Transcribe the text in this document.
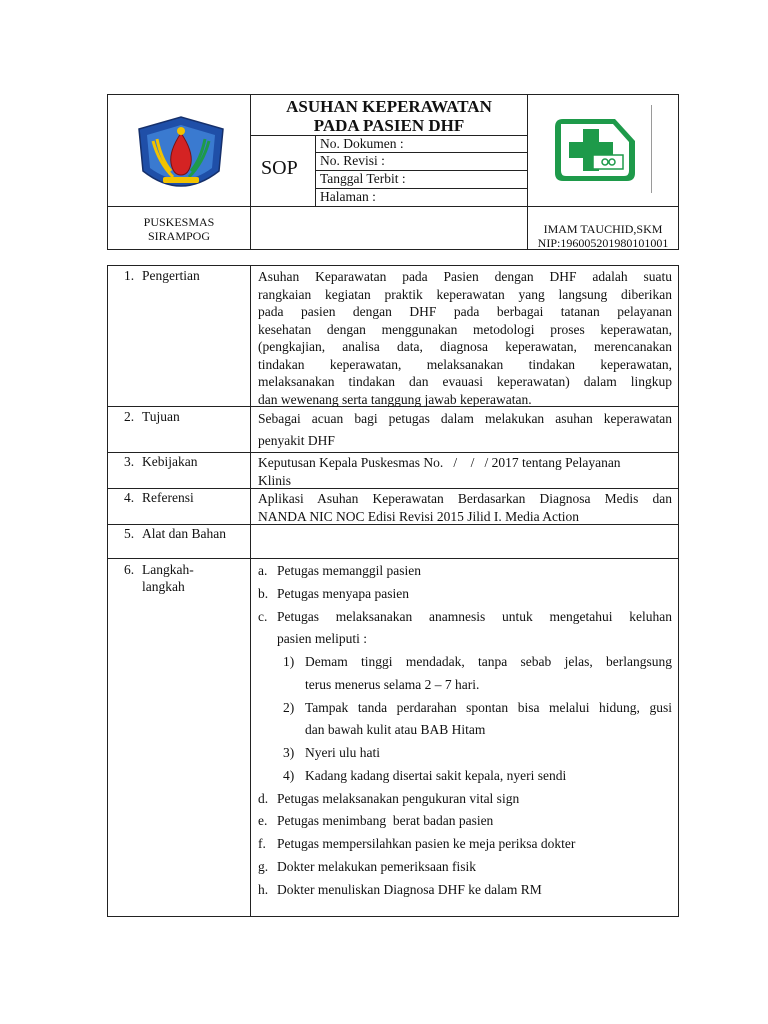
ASUHAN KEPERAWATAN
PADA PASIEN DHF
SOP
No. Dokumen :
No. Revisi :
Tanggal Terbit :
Halaman :
PUSKESMAS
SIRAMPOG	IMAM TAUCHID,SKM
NIP:196005201980101001
1. Pengertian
2. Tujuan
3. Kebijakan
4. Referensi
5. Alat dan Bahan
6. Langkah-
langkah
Asuhan Keparawatan pada Pasien dengan DHF adalah suatu
rangkaian kegiatan praktik keperawatan yang langsung diberikan
pada pasien dengan DHF pada berbagai tatanan pelayanan
kesehatan dengan menggunakan metodologi proses keperawatan,
(pengkajian, analisa data, diagnosa keperawatan, merencanakan
tindakan keperawatan, melaksanakan tindakan keperawatan,
melaksanakan tindakan dan evauasi keperawatan) dalam lingkup
dan wewenang serta tanggung jawab keperawatan.
Sebagai acuan bagi petugas dalam melakukan asuhan keperawatan
penyakit DHF
Keputusan Kepala Puskesmas No.   /    /   / 2017 tentang Pelayanan
Klinis
Aplikasi Asuhan Keperawatan Berdasarkan Diagnosa Medis dan
NANDA NIC NOC Edisi Revisi 2015 Jilid I. Media Action
a. Petugas memanggil pasien
b. Petugas menyapa pasien
c. Petugas melaksanakan anamnesis untuk mengetahui keluhan
pasien meliputi :
1) Demam tinggi mendadak, tanpa sebab jelas, berlangsung
terus menerus selama 2 – 7 hari.
2) Tampak tanda perdarahan spontan bisa melalui hidung, gusi
dan bawah kulit atau BAB Hitam
3) Nyeri ulu hati
4) Kadang kadang disertai sakit kepala, nyeri sendi
d. Petugas melaksanakan pengukuran vital sign
e. Petugas menimbang  berat badan pasien
f. Petugas mempersilahkan pasien ke meja periksa dokter
g. Dokter melakukan pemeriksaan fisik
h. Dokter menuliskan Diagnosa DHF ke dalam RM
